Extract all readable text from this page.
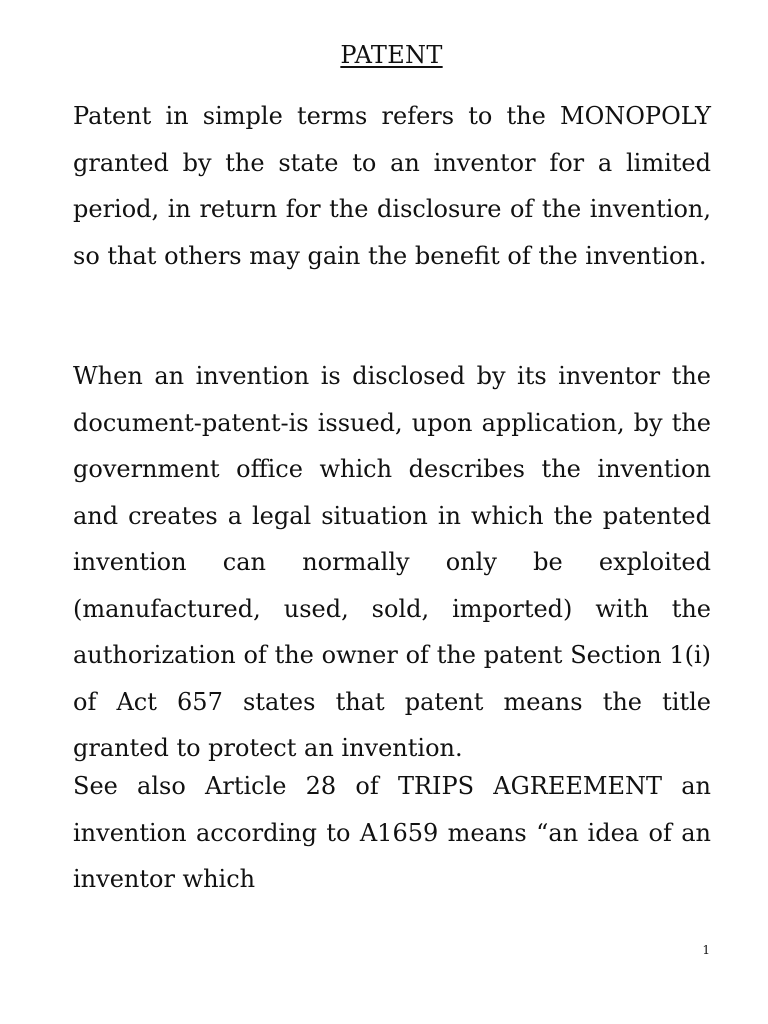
PATENT

Patent in simple terms refers to the MONOPOLY granted by the state to an inventor for a limited period, in return for the disclosure of the invention, so that others may gain the benefit of the invention.

When an invention is disclosed by its inventor the document-patent-is issued, upon application, by the government office which describes the invention and creates a legal situation in which the patented invention can normally only be exploited (manufactured, used, sold, imported) with the authorization of the owner of the patent Section 1(i) of Act 657 states that patent means the title granted to protect an invention.

See also Article 28 of TRIPS AGREEMENT an invention according to A1659 means “an idea of an inventor which

1
